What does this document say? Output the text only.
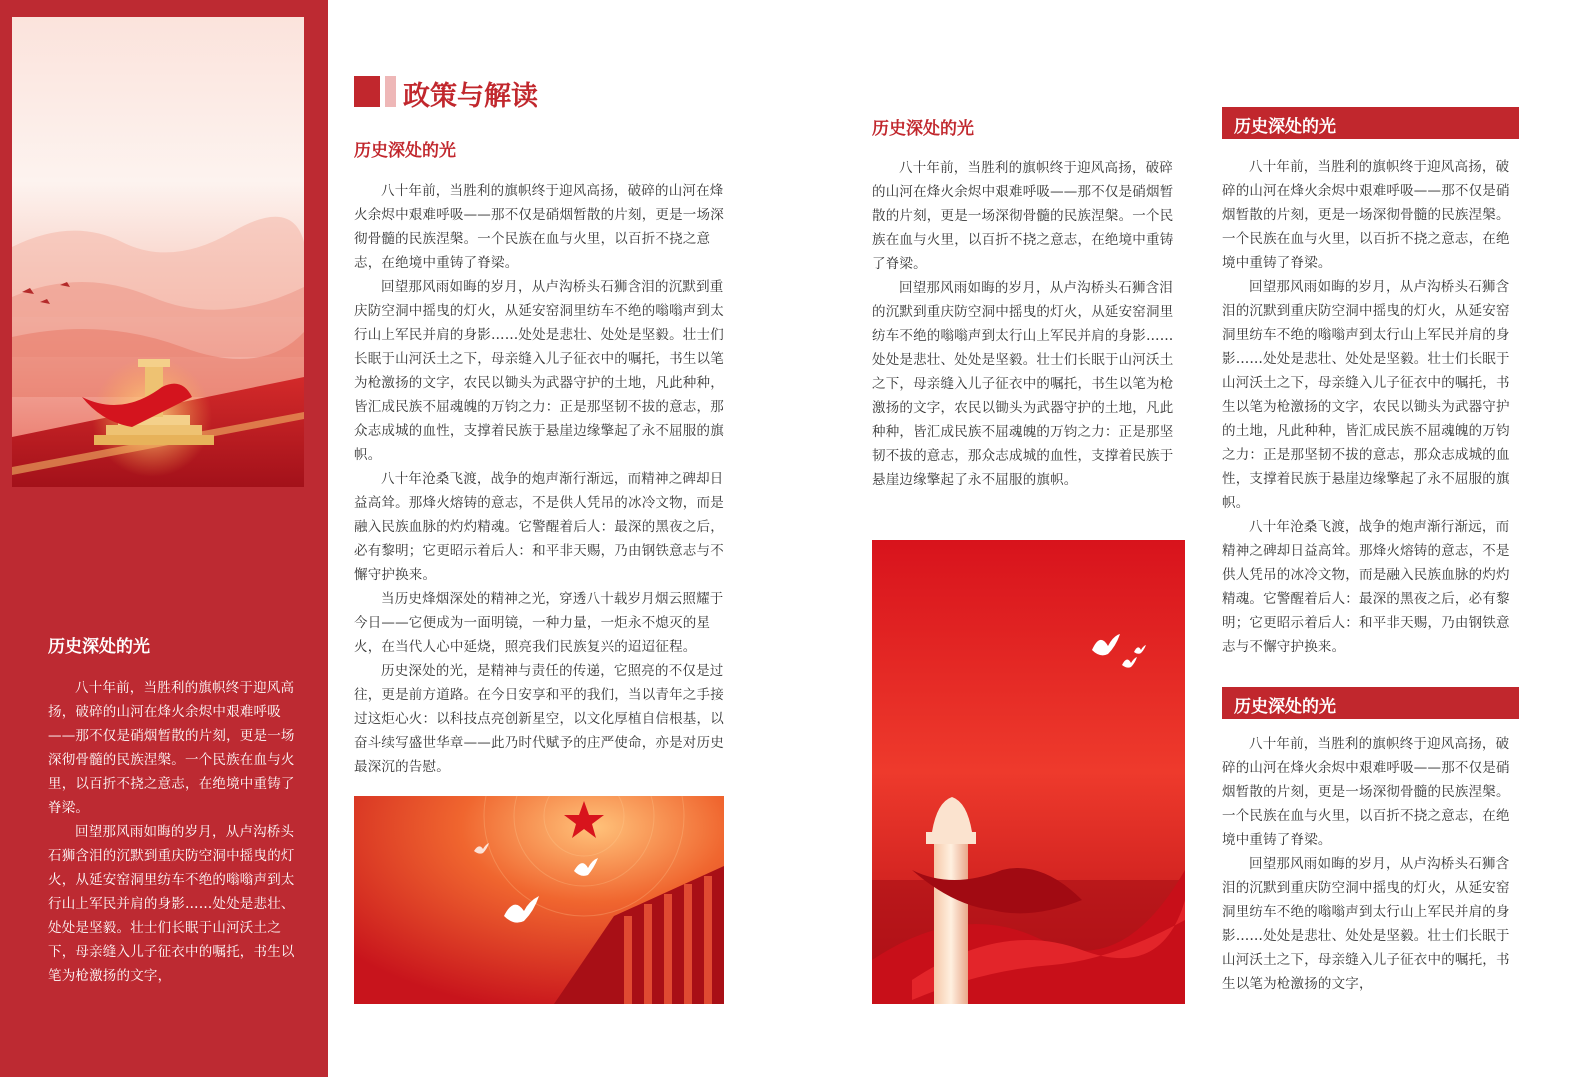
历史深处的光

八十年前，当胜利的旗帜终于迎风高扬，破碎的山河在烽火余烬中艰难呼吸——那不仅是硝烟暂散的片刻，更是一场深彻骨髓的民族涅槃。一个民族在血与火里，以百折不挠之意志，在绝境中重铸了脊梁。

回望那风雨如晦的岁月，从卢沟桥头石狮含泪的沉默到重庆防空洞中摇曳的灯火，从延安窑洞里纺车不绝的嗡嗡声到太行山上军民并肩的身影……处处是悲壮、处处是坚毅。壮士们长眠于山河沃土之下，母亲缝入儿子征衣中的嘱托，书生以笔为枪激扬的文字，

政策与解读
历史深处的光

八十年前，当胜利的旗帜终于迎风高扬，破碎的山河在烽火余烬中艰难呼吸——那不仅是硝烟暂散的片刻，更是一场深彻骨髓的民族涅槃。一个民族在血与火里，以百折不挠之意志，在绝境中重铸了脊梁。

回望那风雨如晦的岁月，从卢沟桥头石狮含泪的沉默到重庆防空洞中摇曳的灯火，从延安窑洞里纺车不绝的嗡嗡声到太行山上军民并肩的身影……处处是悲壮、处处是坚毅。壮士们长眠于山河沃土之下，母亲缝入儿子征衣中的嘱托，书生以笔为枪激扬的文字，农民以锄头为武器守护的土地，凡此种种，皆汇成民族不屈魂魄的万钧之力：正是那坚韧不拔的意志，那众志成城的血性，支撑着民族于悬崖边缘擎起了永不屈服的旗帜。

八十年沧桑飞渡，战争的炮声渐行渐远，而精神之碑却日益高耸。那烽火熔铸的意志，不是供人凭吊的冰冷文物，而是融入民族血脉的灼灼精魂。它警醒着后人：最深的黑夜之后，必有黎明；它更昭示着后人：和平非天赐，乃由钢铁意志与不懈守护换来。

当历史烽烟深处的精神之光，穿透八十载岁月烟云照耀于今日——它便成为一面明镜，一种力量，一炬永不熄灭的星火，在当代人心中延烧，照亮我们民族复兴的迢迢征程。

历史深处的光，是精神与责任的传递，它照亮的不仅是过往，更是前方道路。在今日安享和平的我们，当以青年之手接过这炬心火：以科技点亮创新星空，以文化厚植自信根基，以奋斗续写盛世华章——此乃时代赋予的庄严使命，亦是对历史最深沉的告慰。

历史深处的光

八十年前，当胜利的旗帜终于迎风高扬，破碎的山河在烽火余烬中艰难呼吸——那不仅是硝烟暂散的片刻，更是一场深彻骨髓的民族涅槃。一个民族在血与火里，以百折不挠之意志，在绝境中重铸了脊梁。

回望那风雨如晦的岁月，从卢沟桥头石狮含泪的沉默到重庆防空洞中摇曳的灯火，从延安窑洞里纺车不绝的嗡嗡声到太行山上军民并肩的身影……处处是悲壮、处处是坚毅。壮士们长眠于山河沃土之下，母亲缝入儿子征衣中的嘱托，书生以笔为枪激扬的文字，农民以锄头为武器守护的土地，凡此种种，皆汇成民族不屈魂魄的万钧之力：正是那坚韧不拔的意志，那众志成城的血性，支撑着民族于悬崖边缘擎起了永不屈服的旗帜。

历史深处的光

八十年前，当胜利的旗帜终于迎风高扬，破碎的山河在烽火余烬中艰难呼吸——那不仅是硝烟暂散的片刻，更是一场深彻骨髓的民族涅槃。一个民族在血与火里，以百折不挠之意志，在绝境中重铸了脊梁。

回望那风雨如晦的岁月，从卢沟桥头石狮含泪的沉默到重庆防空洞中摇曳的灯火，从延安窑洞里纺车不绝的嗡嗡声到太行山上军民并肩的身影……处处是悲壮、处处是坚毅。壮士们长眠于山河沃土之下，母亲缝入儿子征衣中的嘱托，书生以笔为枪激扬的文字，农民以锄头为武器守护的土地，凡此种种，皆汇成民族不屈魂魄的万钧之力：正是那坚韧不拔的意志，那众志成城的血性，支撑着民族于悬崖边缘擎起了永不屈服的旗帜。

八十年沧桑飞渡，战争的炮声渐行渐远，而精神之碑却日益高耸。那烽火熔铸的意志，不是供人凭吊的冰冷文物，而是融入民族血脉的灼灼精魂。它警醒着后人：最深的黑夜之后，必有黎明；它更昭示着后人：和平非天赐，乃由钢铁意志与不懈守护换来。

历史深处的光

八十年前，当胜利的旗帜终于迎风高扬，破碎的山河在烽火余烬中艰难呼吸——那不仅是硝烟暂散的片刻，更是一场深彻骨髓的民族涅槃。一个民族在血与火里，以百折不挠之意志，在绝境中重铸了脊梁。

回望那风雨如晦的岁月，从卢沟桥头石狮含泪的沉默到重庆防空洞中摇曳的灯火，从延安窑洞里纺车不绝的嗡嗡声到太行山上军民并肩的身影……处处是悲壮、处处是坚毅。壮士们长眠于山河沃土之下，母亲缝入儿子征衣中的嘱托，书生以笔为枪激扬的文字，
